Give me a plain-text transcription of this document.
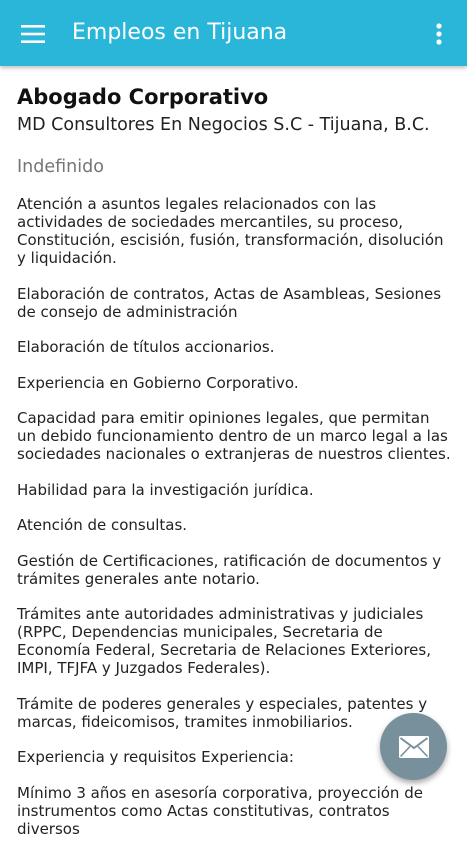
Empleos en Tijuana
Abogado Corporativo
MD Consultores En Negocios S.C - Tijuana, B.C.
Indefinido

Atención a asuntos legales relacionados con las actividades de sociedades mercantiles, su proceso, Constitución, escisión, fusión, transformación, disolución y liquidación.

Elaboración de contratos, Actas de Asambleas, Sesiones de consejo de administración

Elaboración de títulos accionarios.

Experiencia en Gobierno Corporativo.

Capacidad para emitir opiniones legales, que permitan un debido funcionamiento dentro de un marco legal a las sociedades nacionales o extranjeras de nuestros clientes.

Habilidad para la investigación jurídica.

Atención de consultas.

Gestión de Certificaciones, ratificación de documentos y trámites generales ante notario.

Trámites ante autoridades administrativas y judiciales (RPPC, Dependencias municipales, Secretaria de Economía Federal, Secretaria de Relaciones Exteriores, IMPI, TFJFA y Juzgados Federales).

Trámite de poderes generales y especiales, patentes y marcas, fideicomisos, tramites inmobiliarios.

Experiencia y requisitos Experiencia:

Mínimo 3 años en asesoría corporativa, proyección de instrumentos como Actas constitutivas, contratos diversos
